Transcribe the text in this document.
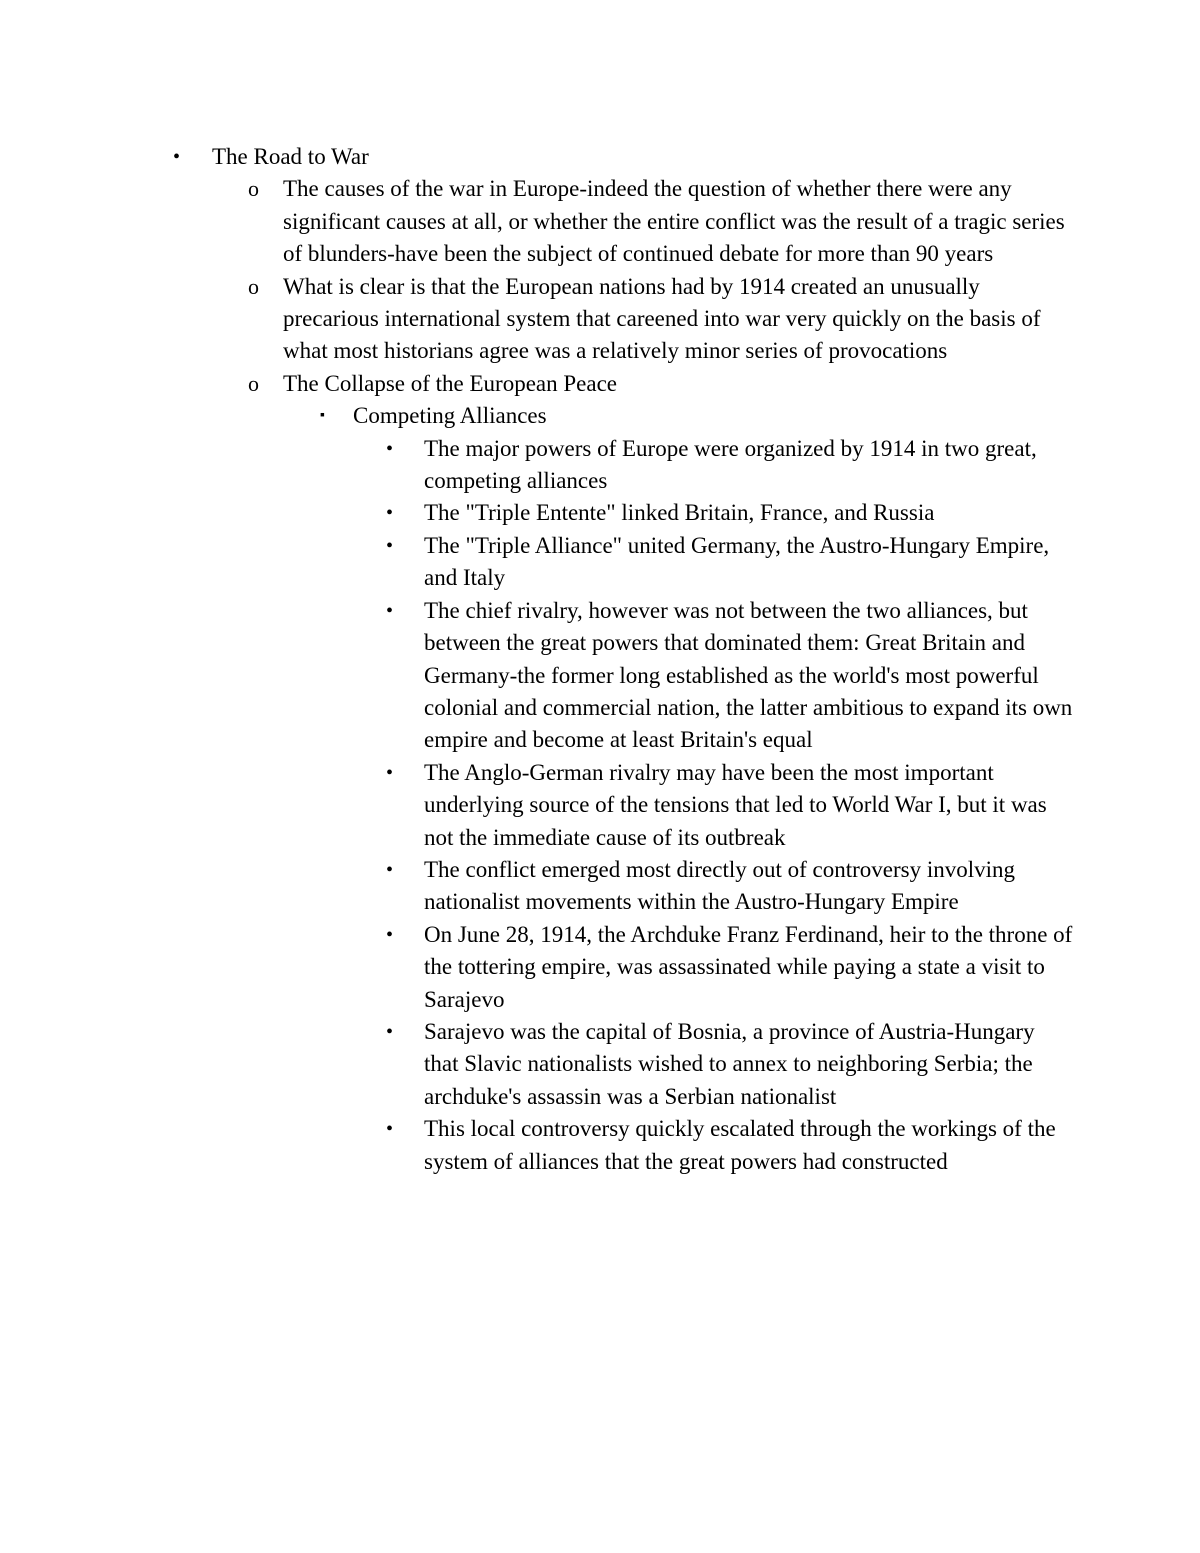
• The Road to War
o The causes of the war in Europe-indeed the question of whether there were any significant causes at all, or whether the entire conflict was the result of a tragic series of blunders-have been the subject of continued debate for more than 90 years
o What is clear is that the European nations had by 1914 created an unusually precarious international system that careened into war very quickly on the basis of what most historians agree was a relatively minor series of provocations
o The Collapse of the European Peace
▪ Competing Alliances
• The major powers of Europe were organized by 1914 in two great, competing alliances
• The "Triple Entente" linked Britain, France, and Russia
• The "Triple Alliance" united Germany, the Austro-Hungary Empire, and Italy
• The chief rivalry, however was not between the two alliances, but between the great powers that dominated them: Great Britain and Germany-the former long established as the world's most powerful colonial and commercial nation, the latter ambitious to expand its own empire and become at least Britain's equal
• The Anglo-German rivalry may have been the most important underlying source of the tensions that led to World War I, but it was not the immediate cause of its outbreak
• The conflict emerged most directly out of controversy involving nationalist movements within the Austro-Hungary Empire
• On June 28, 1914, the Archduke Franz Ferdinand, heir to the throne of the tottering empire, was assassinated while paying a state a visit to Sarajevo
• Sarajevo was the capital of Bosnia, a province of Austria-Hungary that Slavic nationalists wished to annex to neighboring Serbia; the archduke's assassin was a Serbian nationalist
• This local controversy quickly escalated through the workings of the system of alliances that the great powers had constructed
